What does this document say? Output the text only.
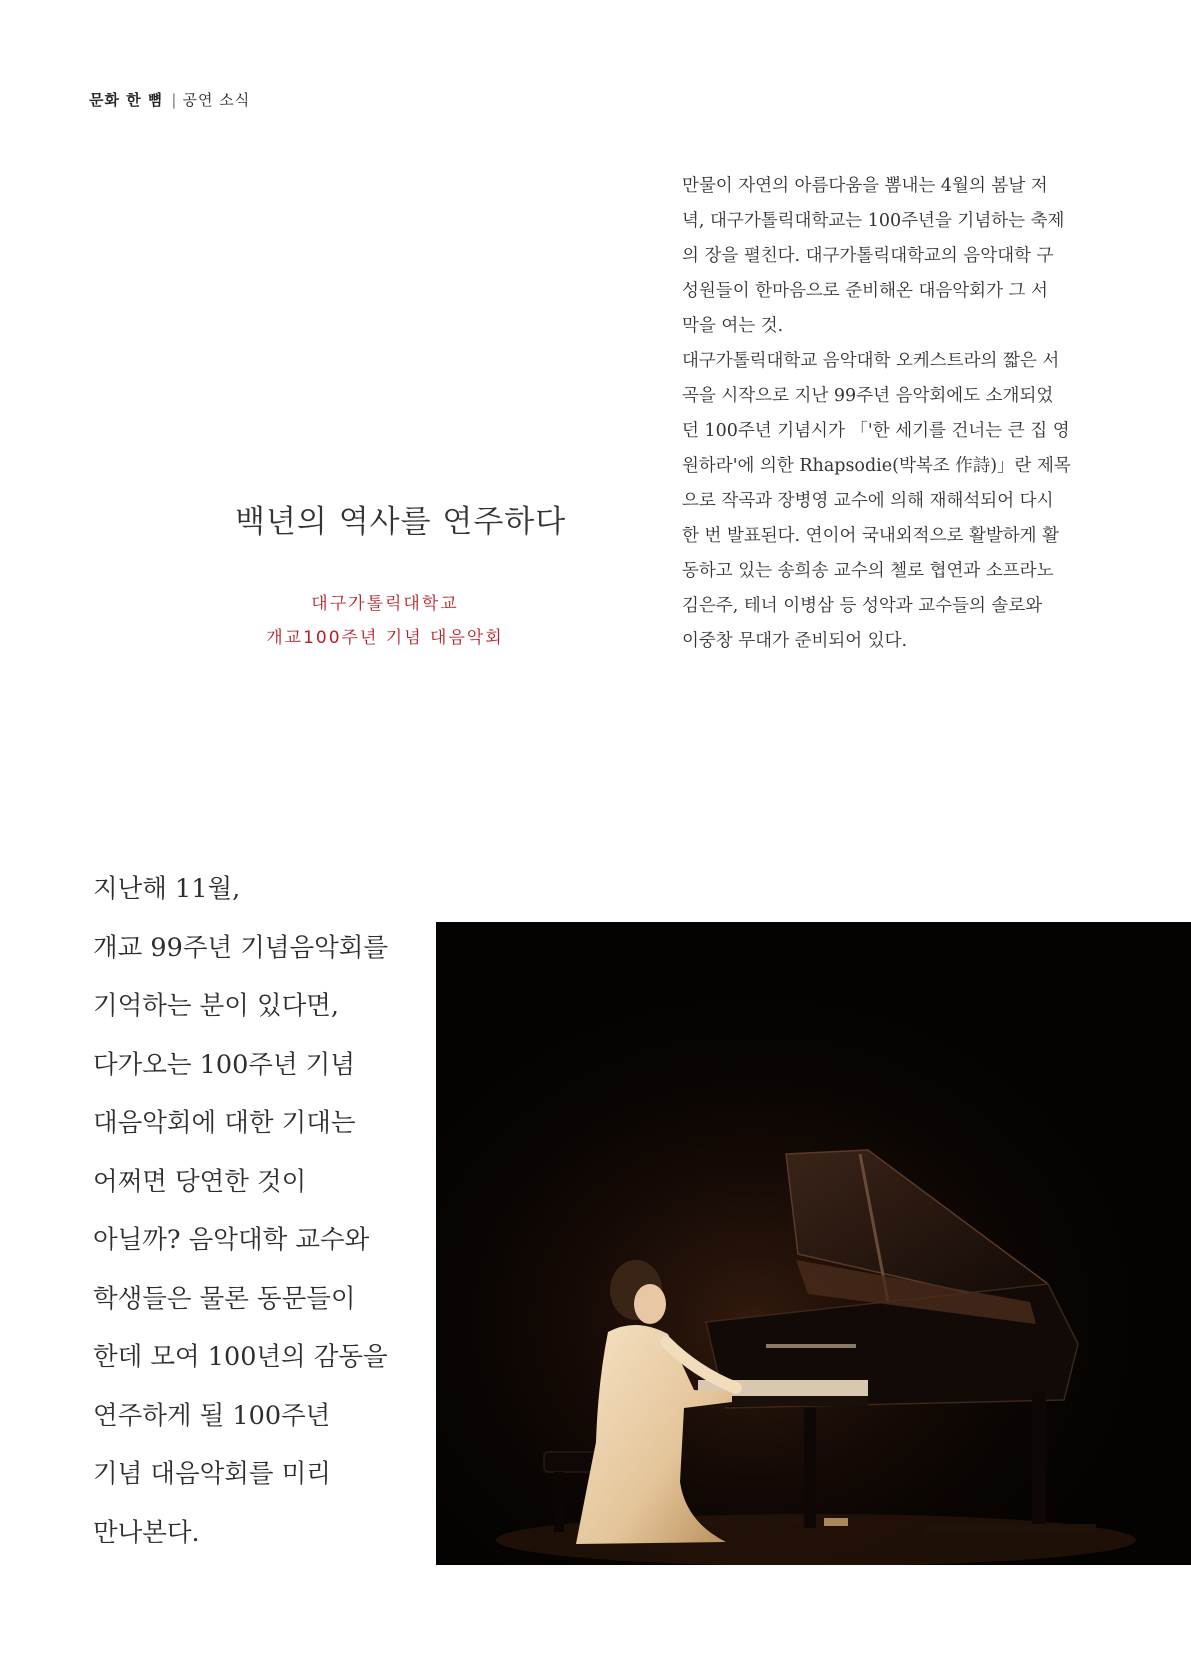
문화 한 뼘 | 공연 소식
백년의 역사를 연주하다
대구가톨릭대학교
개교100주년 기념 대음악회
만물이 자연의 아름다움을 뽐내는 4월의 봄날 저
녁, 대구가톨릭대학교는 100주년을 기념하는 축제
의 장을 펼친다. 대구가톨릭대학교의 음악대학 구
성원들이 한마음으로 준비해온 대음악회가 그 서
막을 여는 것.
대구가톨릭대학교 음악대학 오케스트라의 짧은 서
곡을 시작으로 지난 99주년 음악회에도 소개되었
던 100주년 기념시가 「'한 세기를 건너는 큰 집 영
원하라'에 의한 Rhapsodie(박복조 作詩)」란 제목
으로 작곡과 장병영 교수에 의해 재해석되어 다시
한 번 발표된다. 연이어 국내외적으로 활발하게 활
동하고 있는 송희송 교수의 첼로 협연과 소프라노
김은주, 테너 이병삼 등 성악과 교수들의 솔로와
이중창 무대가 준비되어 있다.
지난해 11월,
개교 99주년 기념음악회를
기억하는 분이 있다면,
다가오는 100주년 기념
대음악회에 대한 기대는
어쩌면 당연한 것이
아닐까? 음악대학 교수와
학생들은 물론 동문들이
한데 모여 100년의 감동을
연주하게 될 100주년
기념 대음악회를 미리
만나본다.
